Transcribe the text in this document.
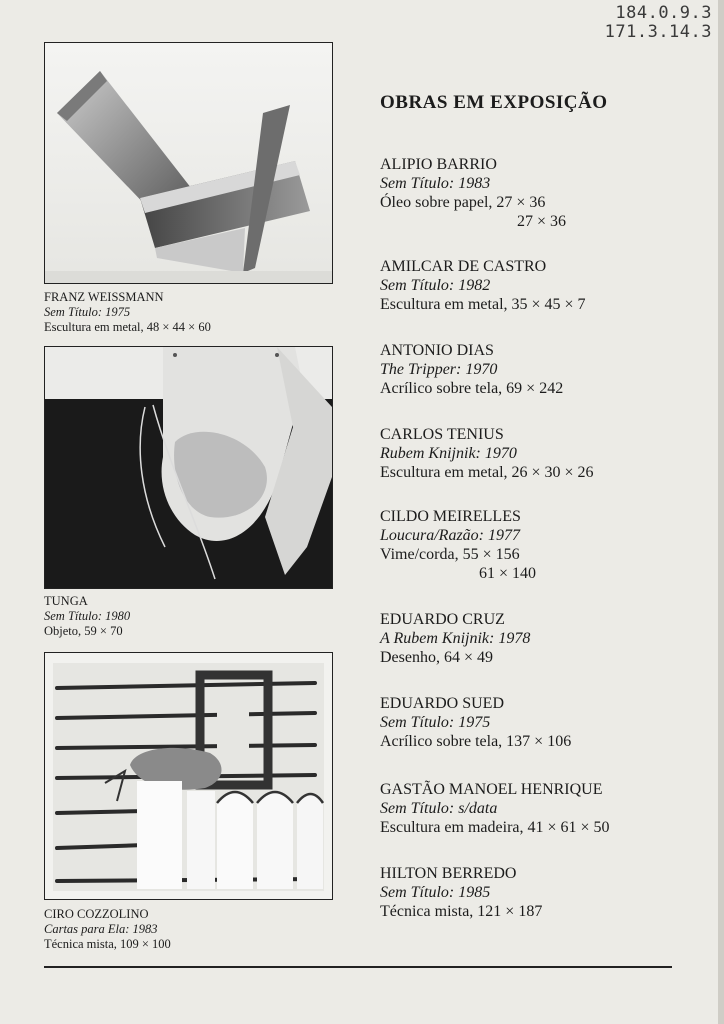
184.0.9.3
171.3.14.3
FRANZ WEISSMANN
Sem Título: 1975
Escultura em metal, 48 × 44 × 60
TUNGA
Sem Título: 1980
Objeto, 59 × 70
CIRO COZZOLINO
Cartas para Ela: 1983
Técnica mista, 109 × 100
OBRAS EM EXPOSIÇÃO
ALIPIO BARRIO
Sem Título: 1983
Óleo sobre papel, 27 × 36
27 × 36
AMILCAR DE CASTRO
Sem Título: 1982
Escultura em metal, 35 × 45 × 7
ANTONIO DIAS
The Tripper: 1970
Acrílico sobre tela, 69 × 242
CARLOS TENIUS
Rubem Knijnik: 1970
Escultura em metal, 26 × 30 × 26
CILDO MEIRELLES
Loucura/Razão: 1977
Vime/corda, 55 × 156
61 × 140
EDUARDO CRUZ
A Rubem Knijnik: 1978
Desenho, 64 × 49
EDUARDO SUED
Sem Título: 1975
Acrílico sobre tela, 137 × 106
GASTÃO MANOEL HENRIQUE
Sem Título: s/data
Escultura em madeira, 41 × 61 × 50
HILTON BERREDO
Sem Título: 1985
Técnica mista, 121 × 187
